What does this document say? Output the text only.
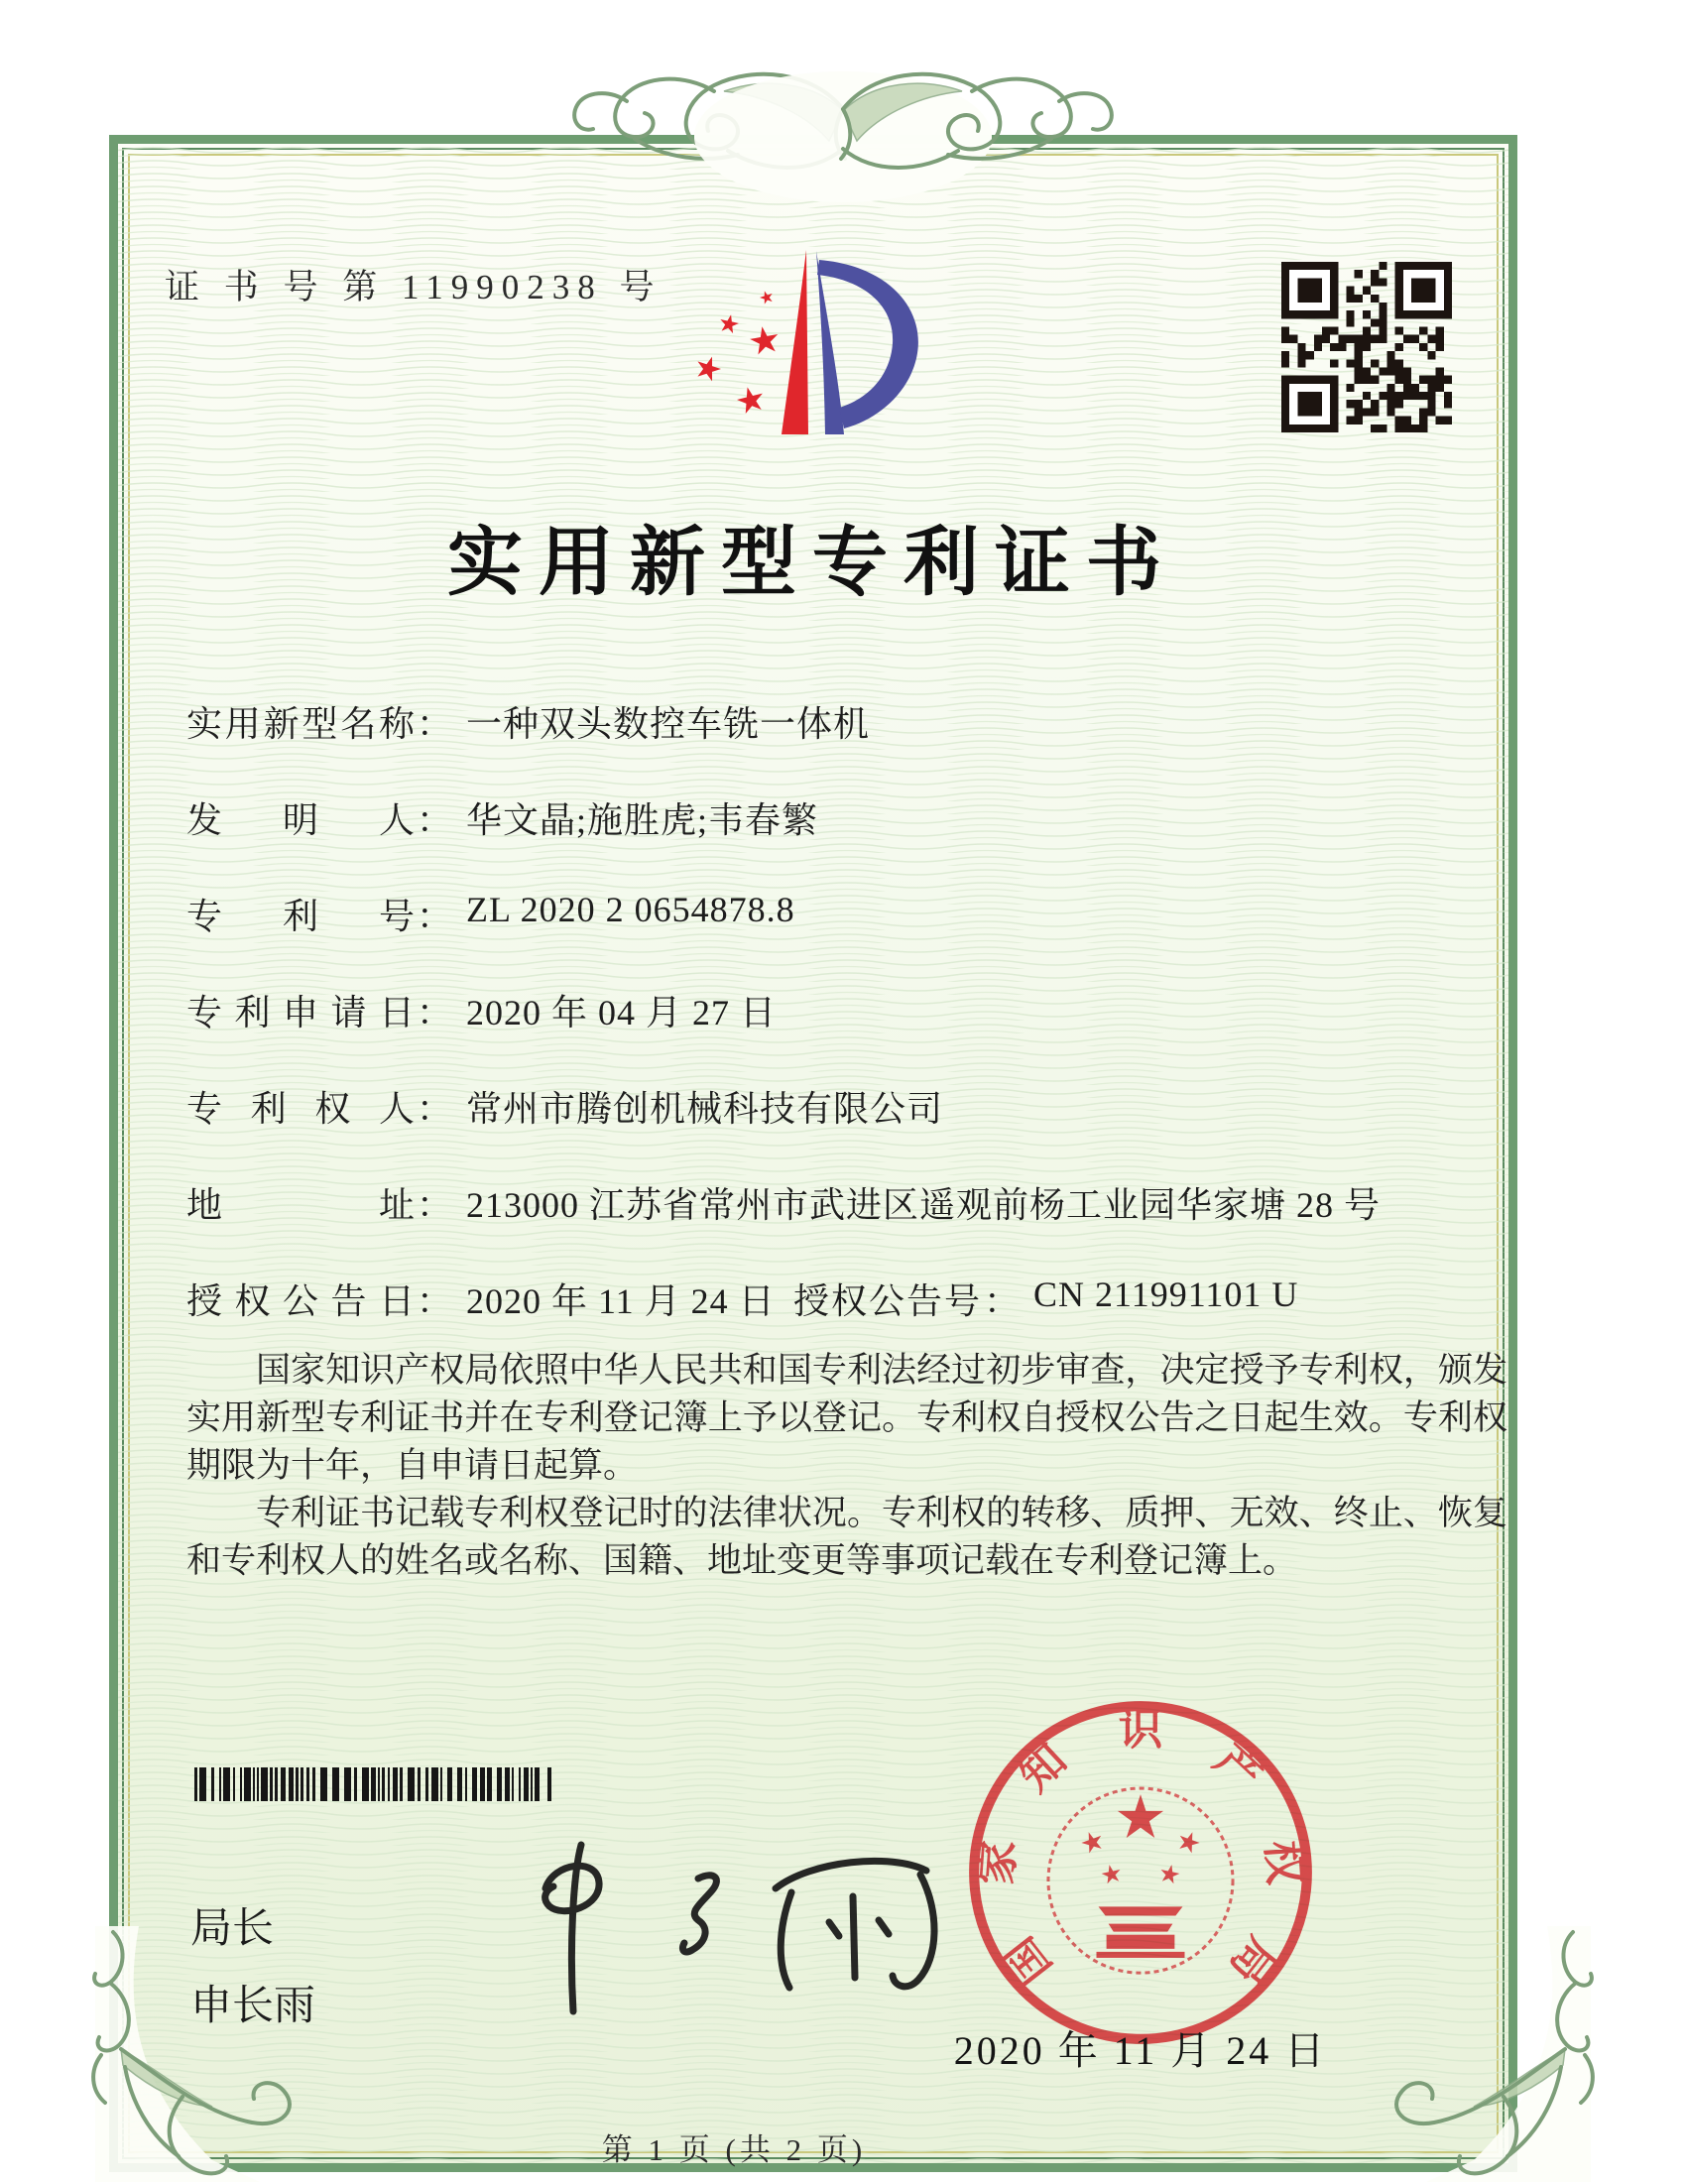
证 书 号 第 11990238 号
实用新型专利证书
实用新型名称 ： 一种双头数控车铣一体机
发明人 ： 华文晶;施胜虎;韦春繁
专利号 ： ZL 2020 2 0654878.8
专利申请日 ： 2020 年 04 月 27 日
专利权人 ： 常州市腾创机械科技有限公司
地址 ： 213000 江苏省常州市武进区遥观前杨工业园华家塘 28 号
授权公告日 ： 2020 年 11 月 24 日 授权公告号 ： CN 211991101 U

国家知识产权局依照中华人民共和国专利法经过初步审查，决定授予专利权，颁发实用新型专利证书并在专利登记簿上予以登记。专利权自授权公告之日起生效。专利权期限为十年，自申请日起算。

专利证书记载专利权登记时的法律状况。专利权的转移、质押、无效、终止、恢复和专利权人的姓名或名称、国籍、地址变更等事项记载在专利登记簿上。

局长
申长雨
国
家
知
识
产
权
局
2020 年 11 月 24 日
第 1 页 (共 2 页)
